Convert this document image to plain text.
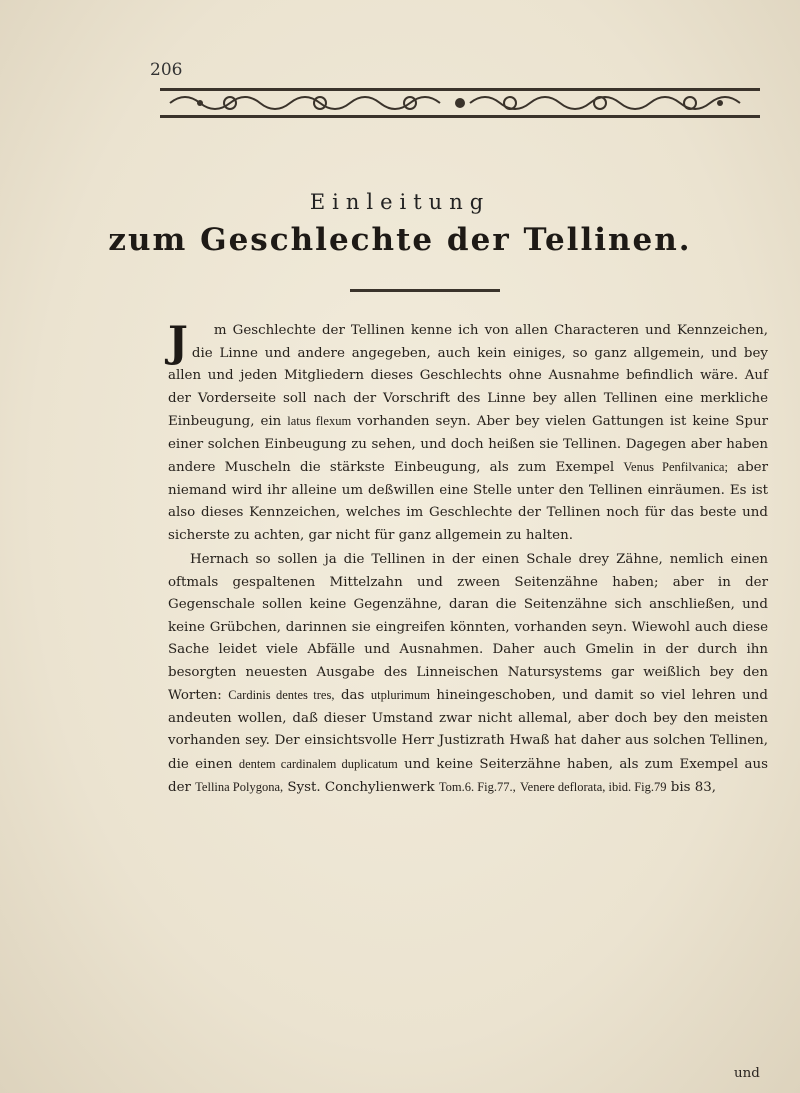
206
Einleitung
zum Geschlechte der Tellinen.

J m Geschlechte der Tellinen kenne ich von allen Characteren und Kennzeichen, die Linne und andere angegeben, auch kein einiges, so ganz allgemein, und bey allen und jeden Mitgliedern dieses Geschlechts ohne Ausnahme befindlich wäre. Auf der Vorderseite soll nach der Vorschrift des Linne bey allen Tellinen eine merkliche Einbeugung, ein latus flexum vorhanden seyn. Aber bey vielen Gattungen ist keine Spur einer solchen Einbeugung zu sehen, und doch heißen sie Tellinen. Dagegen aber haben andere Muscheln die stärkste Einbeugung, als zum Exempel Venus Penfilvanica; aber niemand wird ihr alleine um deßwillen eine Stelle unter den Tellinen einräumen. Es ist also dieses Kennzeichen, welches im Geschlechte der Tellinen noch für das beste und sicherste zu achten, gar nicht für ganz allgemein zu halten.

Hernach so sollen ja die Tellinen in der einen Schale drey Zähne, nemlich einen oftmals gespaltenen Mittelzahn und zween Seitenzähne haben; aber in der Gegenschale sollen keine Gegenzähne, daran die Seitenzähne sich anschließen, und keine Grübchen, darinnen sie eingreifen könnten, vorhanden seyn. Wiewohl auch diese Sache leidet viele Abfälle und Ausnahmen. Daher auch Gmelin in der durch ihn besorgten neuesten Ausgabe des Linneischen Natursystems gar weißlich bey den Worten: Cardinis dentes tres, das utplurimum hineingeschoben, und damit so viel lehren und andeuten wollen, daß dieser Umstand zwar nicht allemal, aber doch bey den meisten vorhanden sey. Der einsichtsvolle Herr Justizrath Hwaß hat daher aus solchen Tellinen, die einen dentem cardinalem duplicatum und keine Seiterzähne haben, als zum Exempel aus der Tellina Polygona, Syst. Conchylienwerk Tom.6. Fig.77., Venere deflorata, ibid. Fig.79 bis 83,

und
